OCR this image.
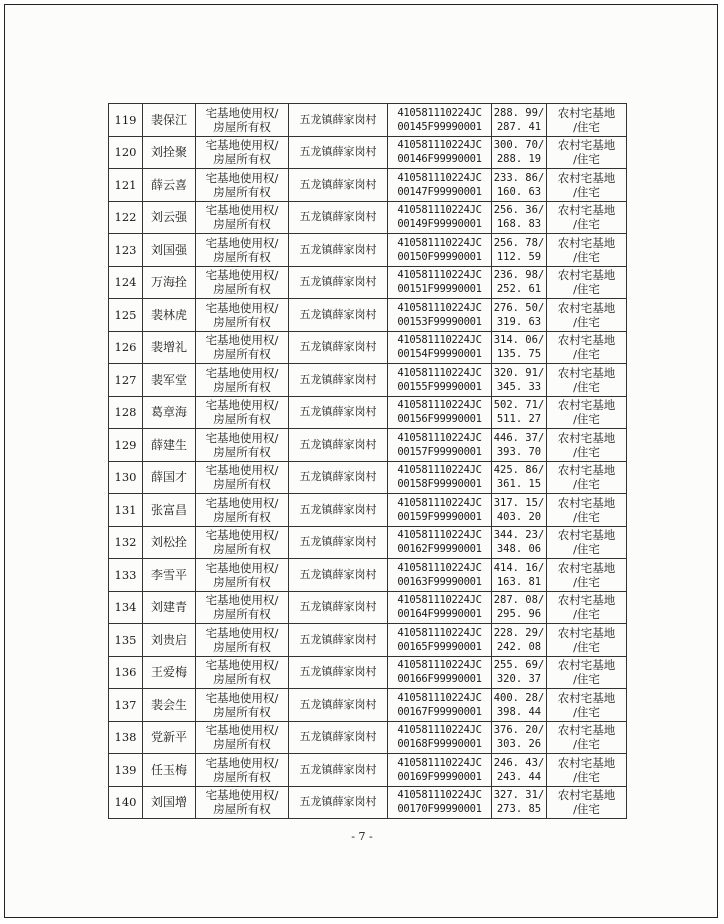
119	裴保江	宅基地使用权/
房屋所有权	五龙镇薛家岗村	410581110224JC
00145F99990001	288. 99/
287. 41	农村宅基地
/住宅

120	刘拴聚	宅基地使用权/
房屋所有权	五龙镇薛家岗村	410581110224JC
00146F99990001	300. 70/
288. 19	农村宅基地
/住宅

121	薛云喜	宅基地使用权/
房屋所有权	五龙镇薛家岗村	410581110224JC
00147F99990001	233. 86/
160. 63	农村宅基地
/住宅

122	刘云强	宅基地使用权/
房屋所有权	五龙镇薛家岗村	410581110224JC
00149F99990001	256. 36/
168. 83	农村宅基地
/住宅

123	刘国强	宅基地使用权/
房屋所有权	五龙镇薛家岗村	410581110224JC
00150F99990001	256. 78/
112. 59	农村宅基地
/住宅

124	万海拴	宅基地使用权/
房屋所有权	五龙镇薛家岗村	410581110224JC
00151F99990001	236. 98/
252. 61	农村宅基地
/住宅

125	裴林虎	宅基地使用权/
房屋所有权	五龙镇薛家岗村	410581110224JC
00153F99990001	276. 50/
319. 63	农村宅基地
/住宅

126	裴增礼	宅基地使用权/
房屋所有权	五龙镇薛家岗村	410581110224JC
00154F99990001	314. 06/
135. 75	农村宅基地
/住宅

127	裴军堂	宅基地使用权/
房屋所有权	五龙镇薛家岗村	410581110224JC
00155F99990001	320. 91/
345. 33	农村宅基地
/住宅

128	葛章海	宅基地使用权/
房屋所有权	五龙镇薛家岗村	410581110224JC
00156F99990001	502. 71/
511. 27	农村宅基地
/住宅

129	薛建生	宅基地使用权/
房屋所有权	五龙镇薛家岗村	410581110224JC
00157F99990001	446. 37/
393. 70	农村宅基地
/住宅

130	薛国才	宅基地使用权/
房屋所有权	五龙镇薛家岗村	410581110224JC
00158F99990001	425. 86/
361. 15	农村宅基地
/住宅

131	张富昌	宅基地使用权/
房屋所有权	五龙镇薛家岗村	410581110224JC
00159F99990001	317. 15/
403. 20	农村宅基地
/住宅

132	刘松拴	宅基地使用权/
房屋所有权	五龙镇薛家岗村	410581110224JC
00162F99990001	344. 23/
348. 06	农村宅基地
/住宅

133	李雪平	宅基地使用权/
房屋所有权	五龙镇薛家岗村	410581110224JC
00163F99990001	414. 16/
163. 81	农村宅基地
/住宅

134	刘建青	宅基地使用权/
房屋所有权	五龙镇薛家岗村	410581110224JC
00164F99990001	287. 08/
295. 96	农村宅基地
/住宅

135	刘贵启	宅基地使用权/
房屋所有权	五龙镇薛家岗村	410581110224JC
00165F99990001	228. 29/
242. 08	农村宅基地
/住宅

136	王爱梅	宅基地使用权/
房屋所有权	五龙镇薛家岗村	410581110224JC
00166F99990001	255. 69/
320. 37	农村宅基地
/住宅

137	裴会生	宅基地使用权/
房屋所有权	五龙镇薛家岗村	410581110224JC
00167F99990001	400. 28/
398. 44	农村宅基地
/住宅

138	党新平	宅基地使用权/
房屋所有权	五龙镇薛家岗村	410581110224JC
00168F99990001	376. 20/
303. 26	农村宅基地
/住宅

139	任玉梅	宅基地使用权/
房屋所有权	五龙镇薛家岗村	410581110224JC
00169F99990001	246. 43/
243. 44	农村宅基地
/住宅

140	刘国增	宅基地使用权/
房屋所有权	五龙镇薛家岗村	410581110224JC
00170F99990001	327. 31/
273. 85	农村宅基地
/住宅
- 7 -
